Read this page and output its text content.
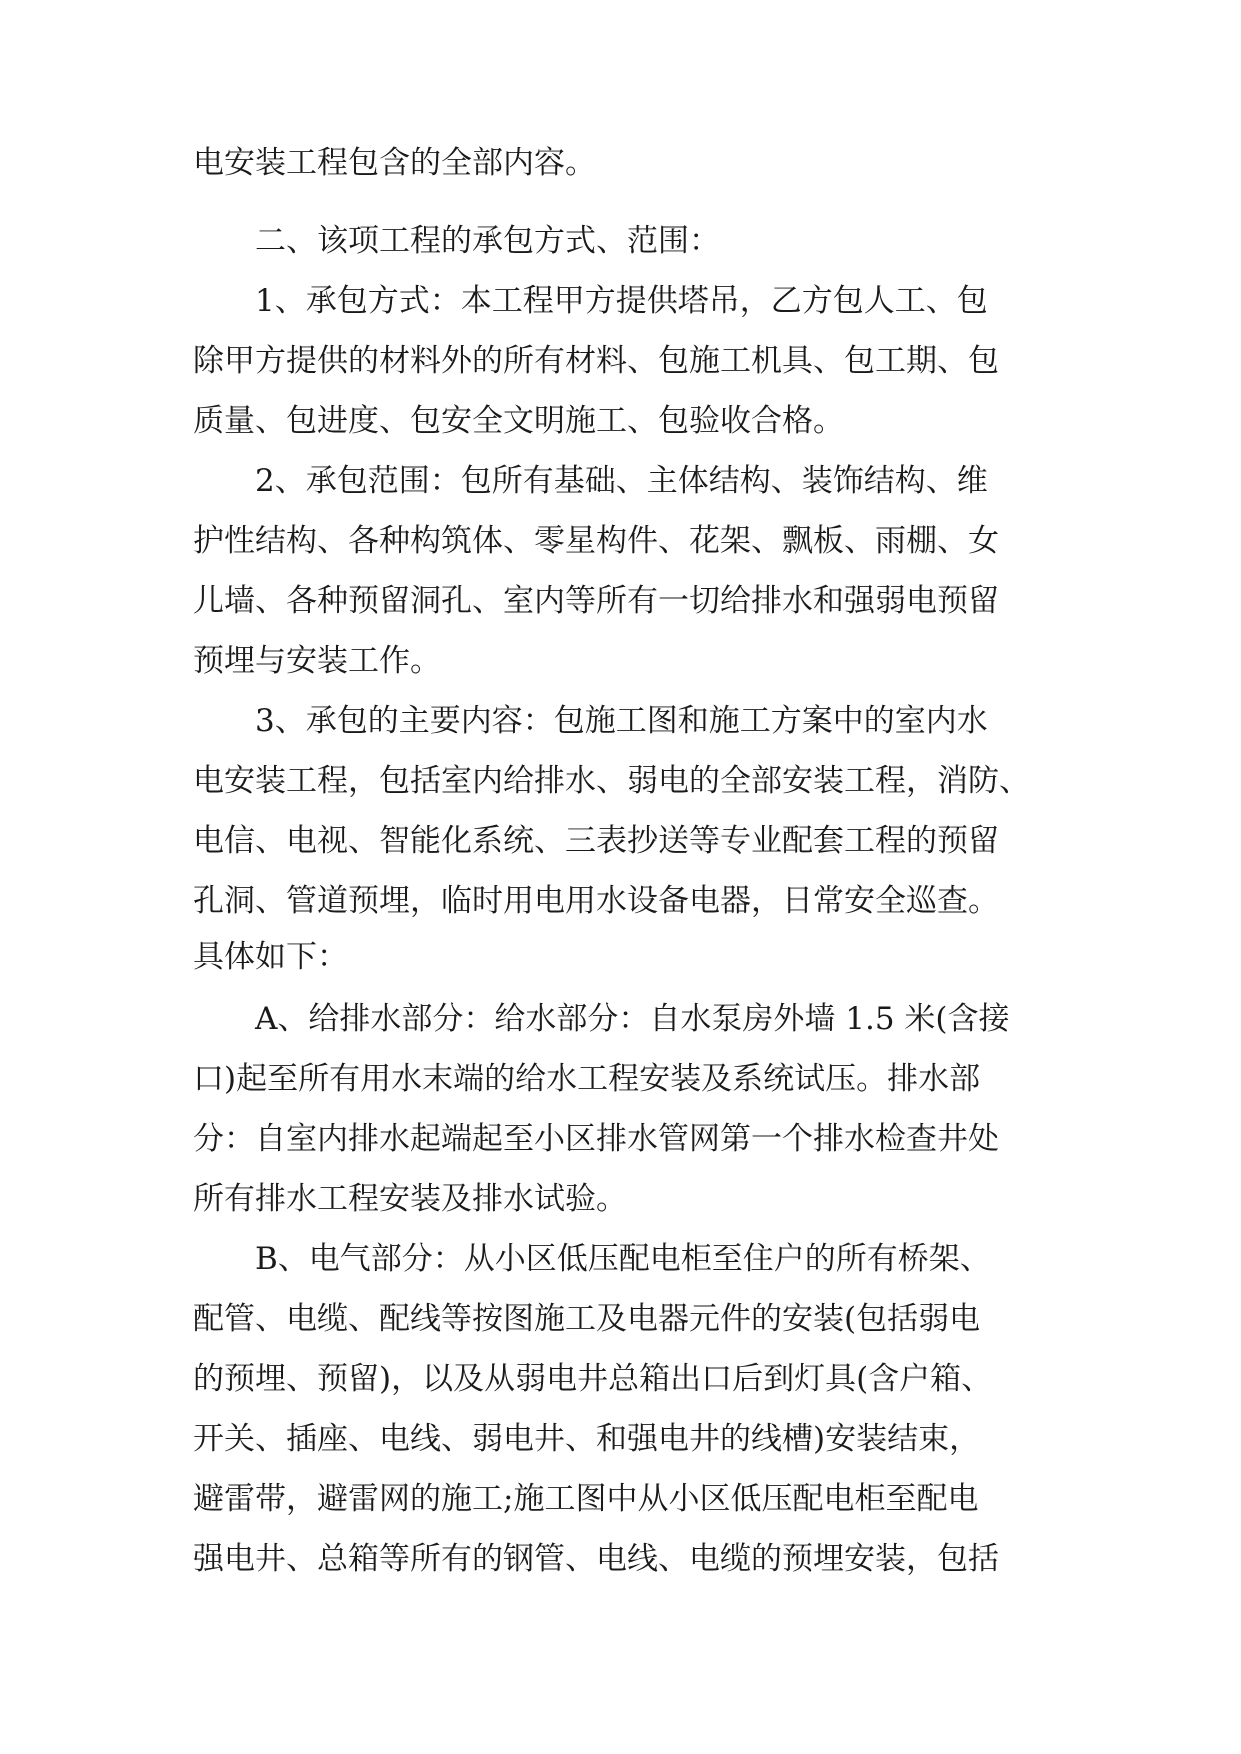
电安装工程包含的全部内容。
二、该项工程的承包方式、范围：
1、承包方式：本工程甲方提供塔吊，乙方包人工、包
除甲方提供的材料外的所有材料、包施工机具、包工期、包
质量、包进度、包安全文明施工、包验收合格。
2、承包范围：包所有基础、主体结构、装饰结构、维
护性结构、各种构筑体、零星构件、花架、飘板、雨棚、女
儿墙、各种预留洞孔、室内等所有一切给排水和强弱电预留
预埋与安装工作。
3、承包的主要内容：包施工图和施工方案中的室内水
电安装工程，包括室内给排水、弱电的全部安装工程，消防、
电信、电视、智能化系统、三表抄送等专业配套工程的预留
孔洞、管道预埋，临时用电用水设备电器，日常安全巡查。
具体如下：
A、给排水部分：给水部分：自水泵房外墙 1.5 米(含接
口)起至所有用水末端的给水工程安装及系统试压。排水部
分：自室内排水起端起至小区排水管网第一个排水检查井处
所有排水工程安装及排水试验。
B、电气部分：从小区低压配电柜至住户的所有桥架、
配管、电缆、配线等按图施工及电器元件的安装(包括弱电
的预埋、预留)，以及从弱电井总箱出口后到灯具(含户箱、
开关、插座、电线、弱电井、和强电井的线槽)安装结束，
避雷带，避雷网的施工;施工图中从小区低压配电柜至配电
强电井、总箱等所有的钢管、电线、电缆的预埋安装，包括
